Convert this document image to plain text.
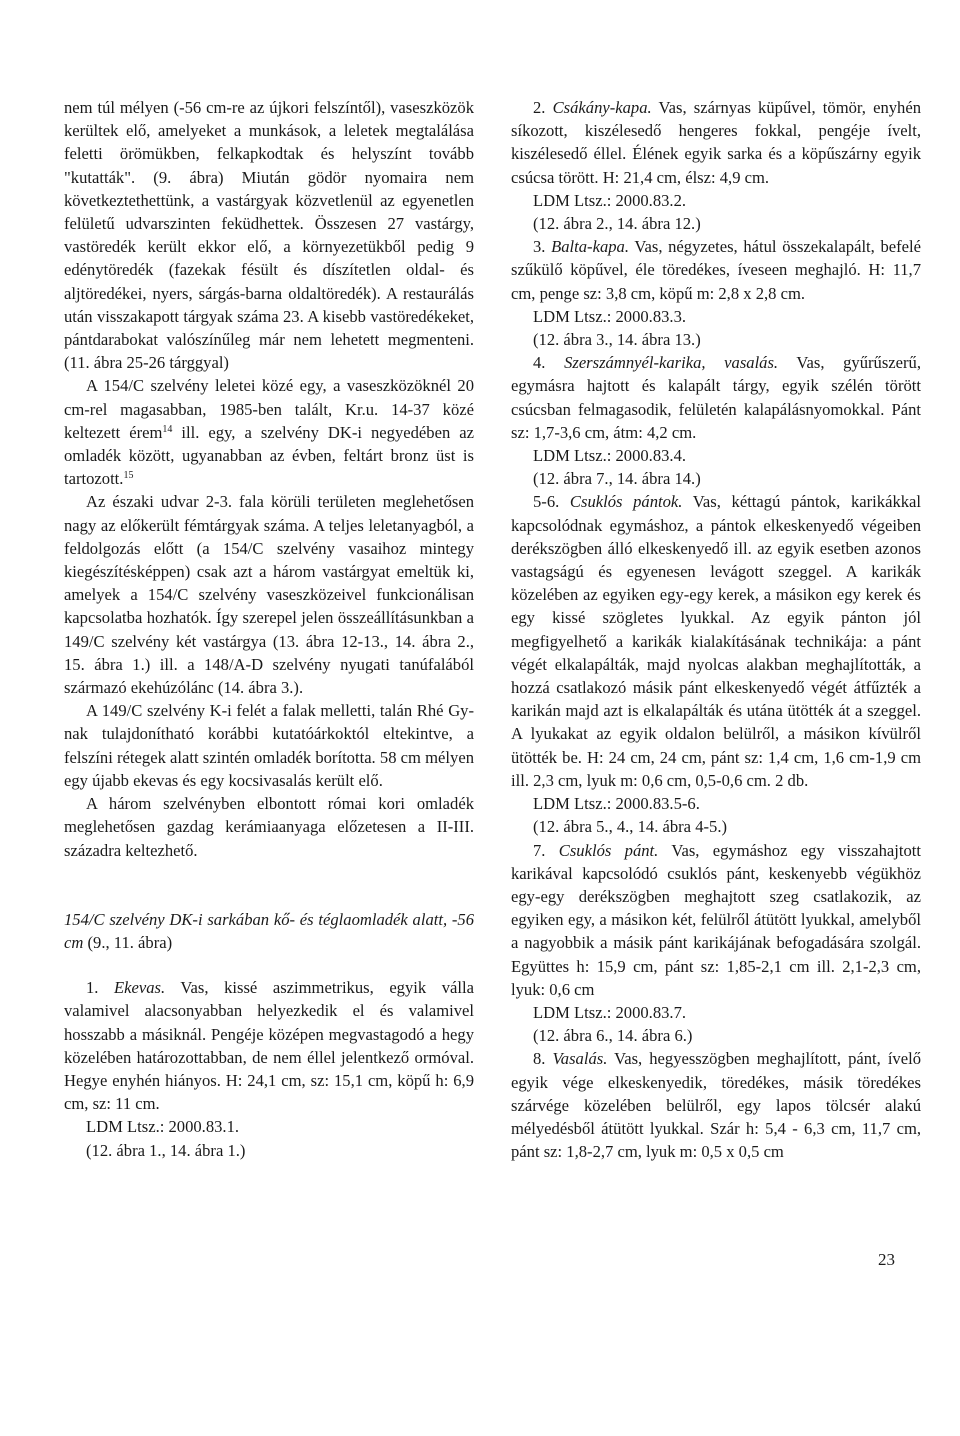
nem túl mélyen (-56 cm-re az újkori felszíntől), vaseszközök kerültek elő, amelyeket a munkások, a leletek megtalálása feletti örömükben, felkapkodtak és helyszínt tovább "kutatták". (9. ábra) Miután gödör nyomaira nem következtethettünk, a vastárgyak közvetlenül az egyenetlen felületű udvarszinten feküdhettek. Összesen 27 vastárgy, vastöredék került ekkor elő, a környezetükből pedig 9 edénytöredék (fazekak fésült és díszítetlen oldal- és aljtöredékei, nyers, sárgás-barna oldaltöredék). A restaurálás után visszakapott tárgyak száma 23. A kisebb vastöredékeket, pántdarabokat valószínűleg már nem lehetett megmenteni. (11. ábra 25-26 tárggyal)

A 154/C szelvény leletei közé egy, a vaseszközöknél 20 cm-rel magasabban, 1985-ben talált, Kr.u. 14-37 közé keltezett érem$^{14}$ ill. egy, a szelvény DK-i negyedében az omladék között, ugyanabban az évben, feltárt bronz üst is tartozott.$^{15}$

Az északi udvar 2-3. fala körüli területen meglehetősen nagy az előkerült fémtárgyak száma. A teljes leletanyagból, a feldolgozás előtt (a 154/C szelvény vasaihoz mintegy kiegészítésképpen) csak azt a három vastárgyat emeltük ki, amelyek a 154/C szelvény vaseszközeivel funkcionálisan kapcsolatba hozhatók. Így szerepel jelen összeállításunkban a 149/C szelvény két vastárgya (13. ábra 12-13., 14. ábra 2., 15. ábra 1.) ill. a 148/A-D szelvény nyugati tanúfalából származó ekehúzólánc (14. ábra 3.).

A 149/C szelvény K-i felét a falak melletti, talán Rhé Gy-nak tulajdonítható korábbi kutatóárkoktól eltekintve, a felszíni rétegek alatt szintén omladék borította. 58 cm mélyen egy újabb ekevas és egy kocsivasalás került elő.

A három szelvényben elbontott római kori omladék meglehetősen gazdag kerámiaanyaga előzetesen a II-III. századra keltezhető.

154/C szelvény DK-i sarkában kő- és téglaomladék alatt, -56 cm (9., 11. ábra)

1. Ekevas. Vas, kissé aszimmetrikus, egyik válla valamivel alacsonyabban helyezkedik el és valamivel hosszabb a másiknál. Pengéje középen megvastagodó a hegy közelében határozottabban, de nem éllel jelentkező ormóval. Hegye enyhén hiányos. H: 24,1 cm, sz: 15,1 cm, köpű h: 6,9 cm, sz: 11 cm.

LDM Ltsz.: 2000.83.1.

(12. ábra 1., 14. ábra 1.)

2. Csákány-kapa. Vas, szárnyas küpűvel, tömör, enyhén síkozott, kiszélesedő hengeres fokkal, pengéje ívelt, kiszélesedő éllel. Élének egyik sarka és a köpűszárny egyik csúcsa törött. H: 21,4 cm, élsz: 4,9 cm.

LDM Ltsz.: 2000.83.2.

(12. ábra 2., 14. ábra 12.)

3. Balta-kapa. Vas, négyzetes, hátul összekalapált, befelé szűkülő köpűvel, éle töredékes, íveseen meghajló. H: 11,7 cm, penge sz: 3,8 cm, köpű m: 2,8 x 2,8 cm.

LDM Ltsz.: 2000.83.3.

(12. ábra 3., 14. ábra 13.)

4. Szerszámnyél-karika, vasalás. Vas, gyűrűszerű, egymásra hajtott és kalapált tárgy, egyik szélén törött csúcsban felmagasodik, felületén kalapálásnyomokkal. Pánt sz: 1,7-3,6 cm, átm: 4,2 cm.

LDM Ltsz.: 2000.83.4.

(12. ábra 7., 14. ábra 14.)

5-6. Csuklós pántok. Vas, kéttagú pántok, karikákkal kapcsolódnak egymáshoz, a pántok elkeskenyedő végeiben derékszögben álló elkeskenyedő ill. az egyik esetben azonos vastagságú és egyenesen levágott szeggel. A karikák közelében az egyiken egy-egy kerek, a másikon egy kerek és egy kissé szögletes lyukkal. Az egyik pánton jól megfigyelhető a karikák kialakításának technikája: a pánt végét elkalapálták, majd nyolcas alakban meghajlították, a hozzá csatlakozó másik pánt elkeskenyedő végét átfűzték a karikán majd azt is elkalapálták és utána ütötték át a szeggel. A lyukakat az egyik oldalon belülről, a másikon kívülről ütötték be. H: 24 cm, 24 cm, pánt sz: 1,4 cm, 1,6 cm-1,9 cm ill. 2,3 cm, lyuk m: 0,6 cm, 0,5-0,6 cm. 2 db.

LDM Ltsz.: 2000.83.5-6.

(12. ábra 5., 4., 14. ábra 4-5.)

7. Csuklós pánt. Vas, egymáshoz egy visszahajtott karikával kapcsolódó csuklós pánt, keskenyebb végükhöz egy-egy derékszögben meghajtott szeg csatlakozik, az egyiken egy, a másikon két, felülről átütött lyukkal, amelyből a nagyobbik a másik pánt karikájának befogadására szolgál. Együttes h: 15,9 cm, pánt sz: 1,85-2,1 cm ill. 2,1-2,3 cm, lyuk: 0,6 cm

LDM Ltsz.: 2000.83.7.

(12. ábra 6., 14. ábra 6.)

8. Vasalás. Vas, hegyesszögben meghajlított, pánt, ívelő egyik vége elkeskenyedik, töredékes, másik töredékes szárvége közelében belülről, egy lapos tölcsér alakú mélyedésből átütött lyukkal. Szár h: 5,4 - 6,3 cm, 11,7 cm, pánt sz: 1,8-2,7 cm, lyuk m: 0,5 x 0,5 cm

23
